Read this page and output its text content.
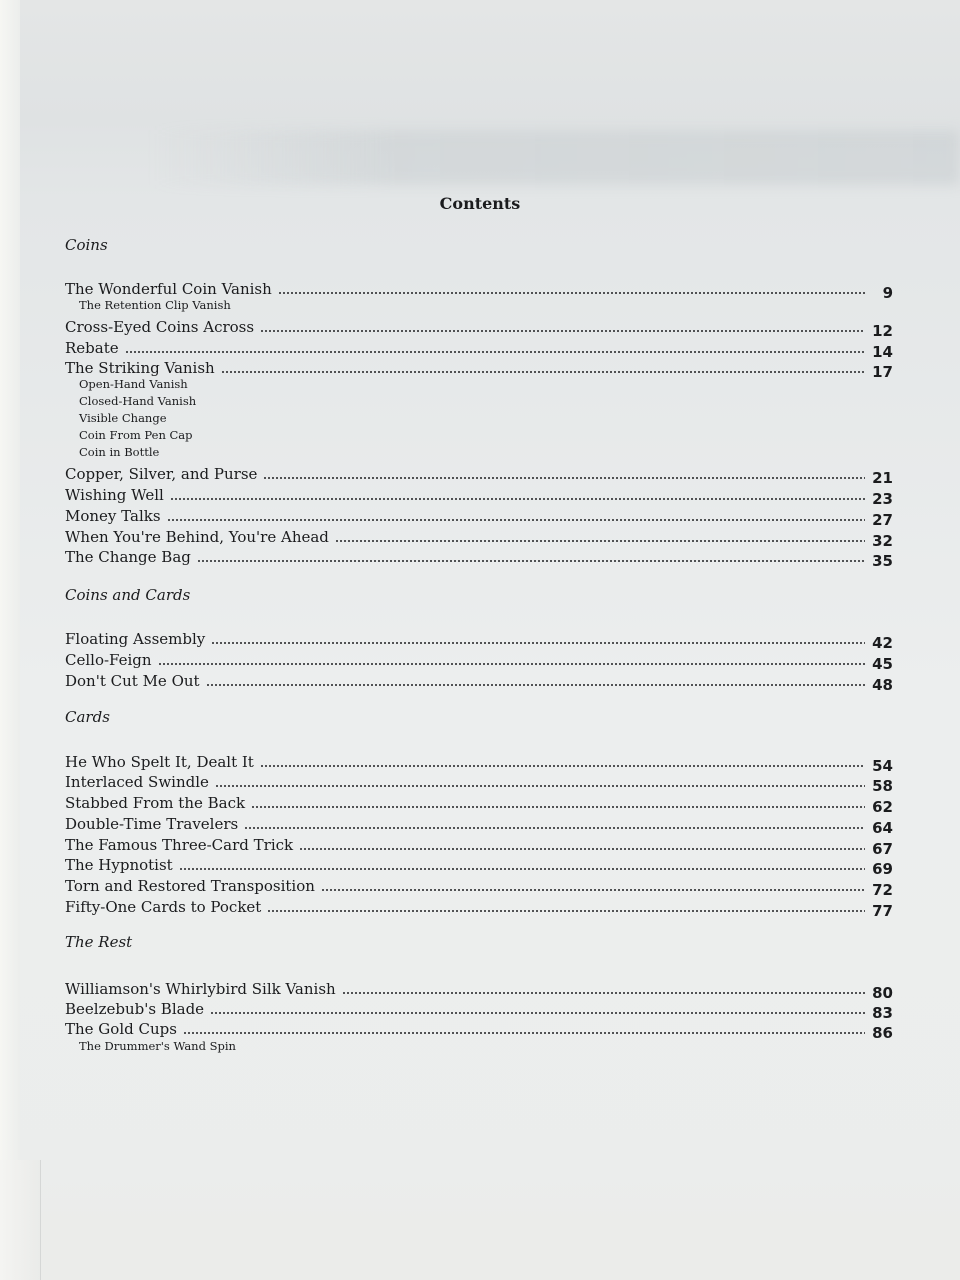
Contents
Coins
The Wonderful Coin Vanish	9
The Retention Clip Vanish
Cross-Eyed Coins Across	12
Rebate	14
The Striking Vanish	17
Open-Hand Vanish
Closed-Hand Vanish
Visible Change
Coin From Pen Cap
Coin in Bottle
Copper, Silver, and Purse	21
Wishing Well	23
Money Talks	27
When You're Behind, You're Ahead	32
The Change Bag	35
Coins and Cards
Floating Assembly	42
Cello-Feign	45
Don't Cut Me Out	48
Cards
He Who Spelt It, Dealt It	54
Interlaced Swindle	58
Stabbed From the Back	62
Double-Time Travelers	64
The Famous Three-Card Trick	67
The Hypnotist	69
Torn and Restored Transposition	72
Fifty-One Cards to Pocket	77
The Rest
Williamson's Whirlybird Silk Vanish	80
Beelzebub's Blade	83
The Gold Cups	86
The Drummer's Wand Spin
